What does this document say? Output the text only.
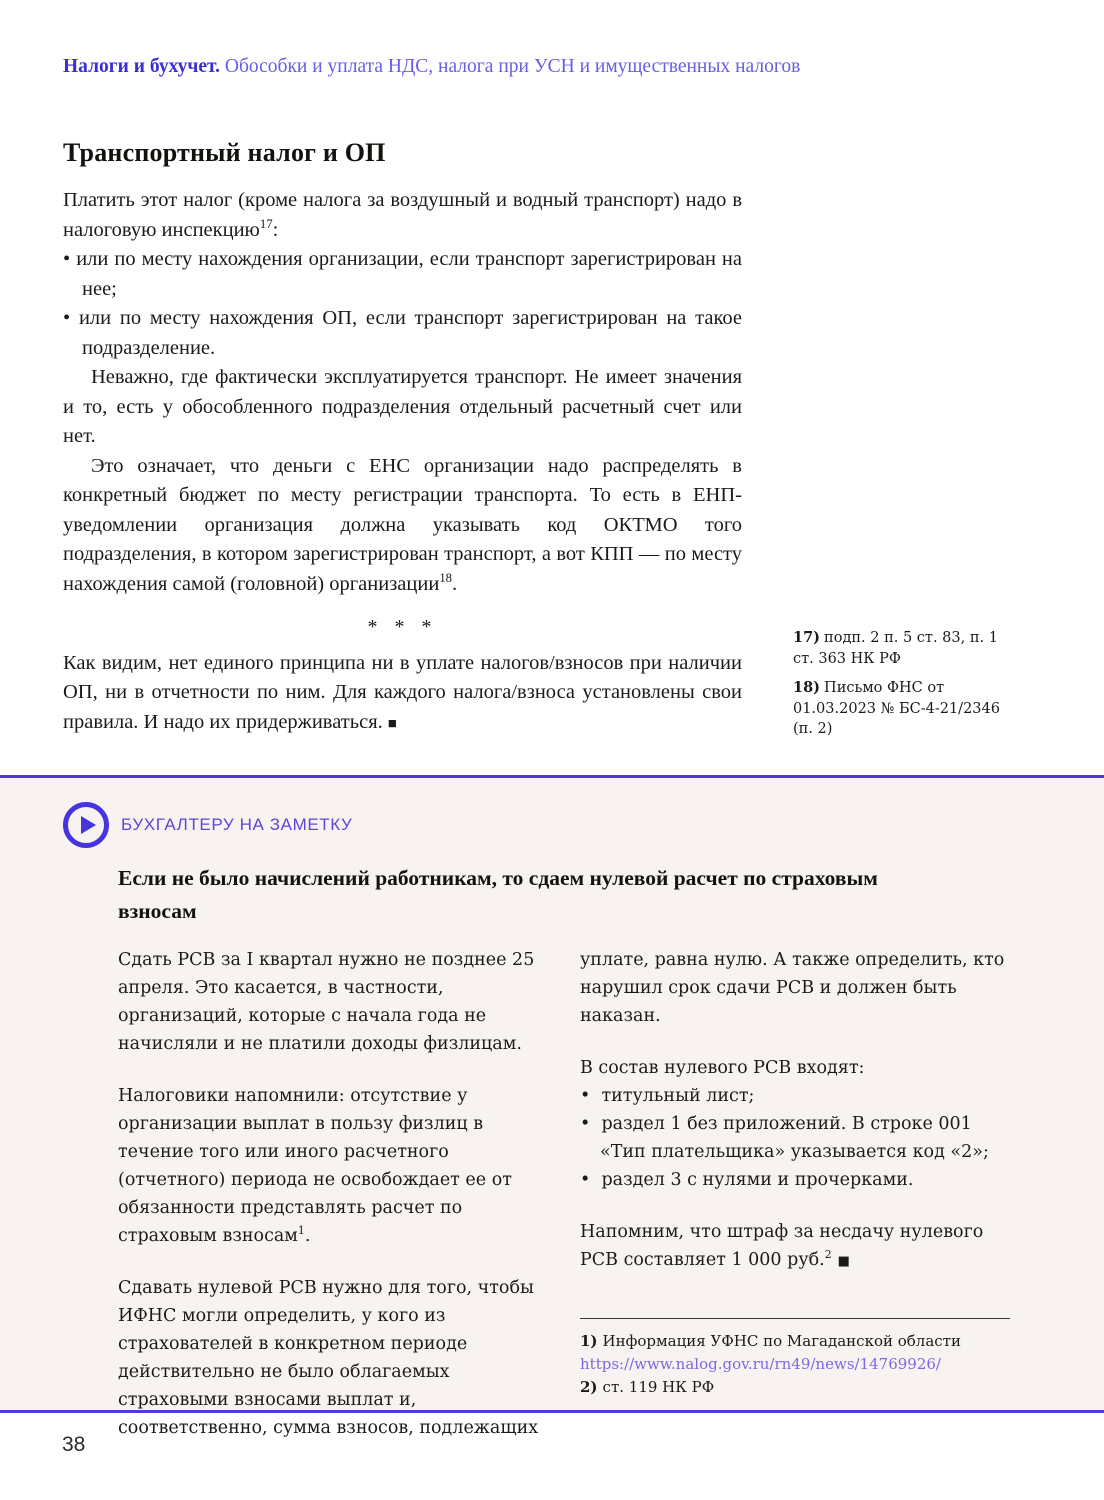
Налоги и бухучет. Обособки и уплата НДС, налога при УСН и имущественных налогов
Транспортный налог и ОП

Платить этот налог (кроме налога за воздушный и водный транспорт) надо в налоговую инспекцию$^{17}$:

• или по месту нахождения организации, если транспорт зарегистрирован на нее;
• или по месту нахождения ОП, если транспорт зарегистрирован на такое подразделение.

Неважно, где фактически эксплуатируется транспорт. Не имеет значения и то, есть у обособленного подразделения отдельный расчетный счет или нет.

Это означает, что деньги с ЕНС организации надо распределять в конкретный бюджет по месту регистрации транспорта. То есть в ЕНП-уведомлении организация должна указывать код ОКТМО того подразделения, в котором зарегистрирован транспорт, а вот КПП — по месту нахождения самой (головной) организации$^{18}$.

* * *

Как видим, нет единого принципа ни в уплате налогов/взносов при наличии ОП, ни в отчетности по ним. Для каждого налога/взноса установлены свои правила. И надо их придерживаться. ■

17) подп. 2 п. 5 ст. 83, п. 1 ст. 363 НК РФ

18) Письмо ФНС от 01.03.2023 № БС-4-21/2346 (п. 2)

БУХГАЛТЕРУ НА ЗАМЕТКУ
Если не было начислений работникам, то сдаем нулевой расчет по страховым взносам

Сдать РСВ за I квартал нужно не позднее 25 апреля. Это касается, в частности, организаций, которые с начала года не начисляли и не платили доходы физлицам.

Налоговики напомнили: отсутствие у организации выплат в пользу физлиц в течение того или иного расчетного (отчетного) периода не освобождает ее от обязанности представлять расчет по страховым взносам$^1$.

Сдавать нулевой РСВ нужно для того, чтобы ИФНС могли определить, у кого из страхователей в конкретном периоде действительно не было облагаемых страховыми взносами выплат и, соответственно, сумма взносов, подлежащих

уплате, равна нулю. А также определить, кто нарушил срок сдачи РСВ и должен быть наказан.

В состав нулевого РСВ входят:

•  титульный лист;
•  раздел 1 без приложений. В строке 001 «Тип плательщика» указывается код «2»;
•  раздел 3 с нулями и прочерками.

Напомним, что штраф за несдачу нулевого РСВ составляет 1 000 руб.$^2$ ■

1) Информация УФНС по Магаданской области

https://www.nalog.gov.ru/rn49/news/14769926/

2) ст. 119 НК РФ

38
